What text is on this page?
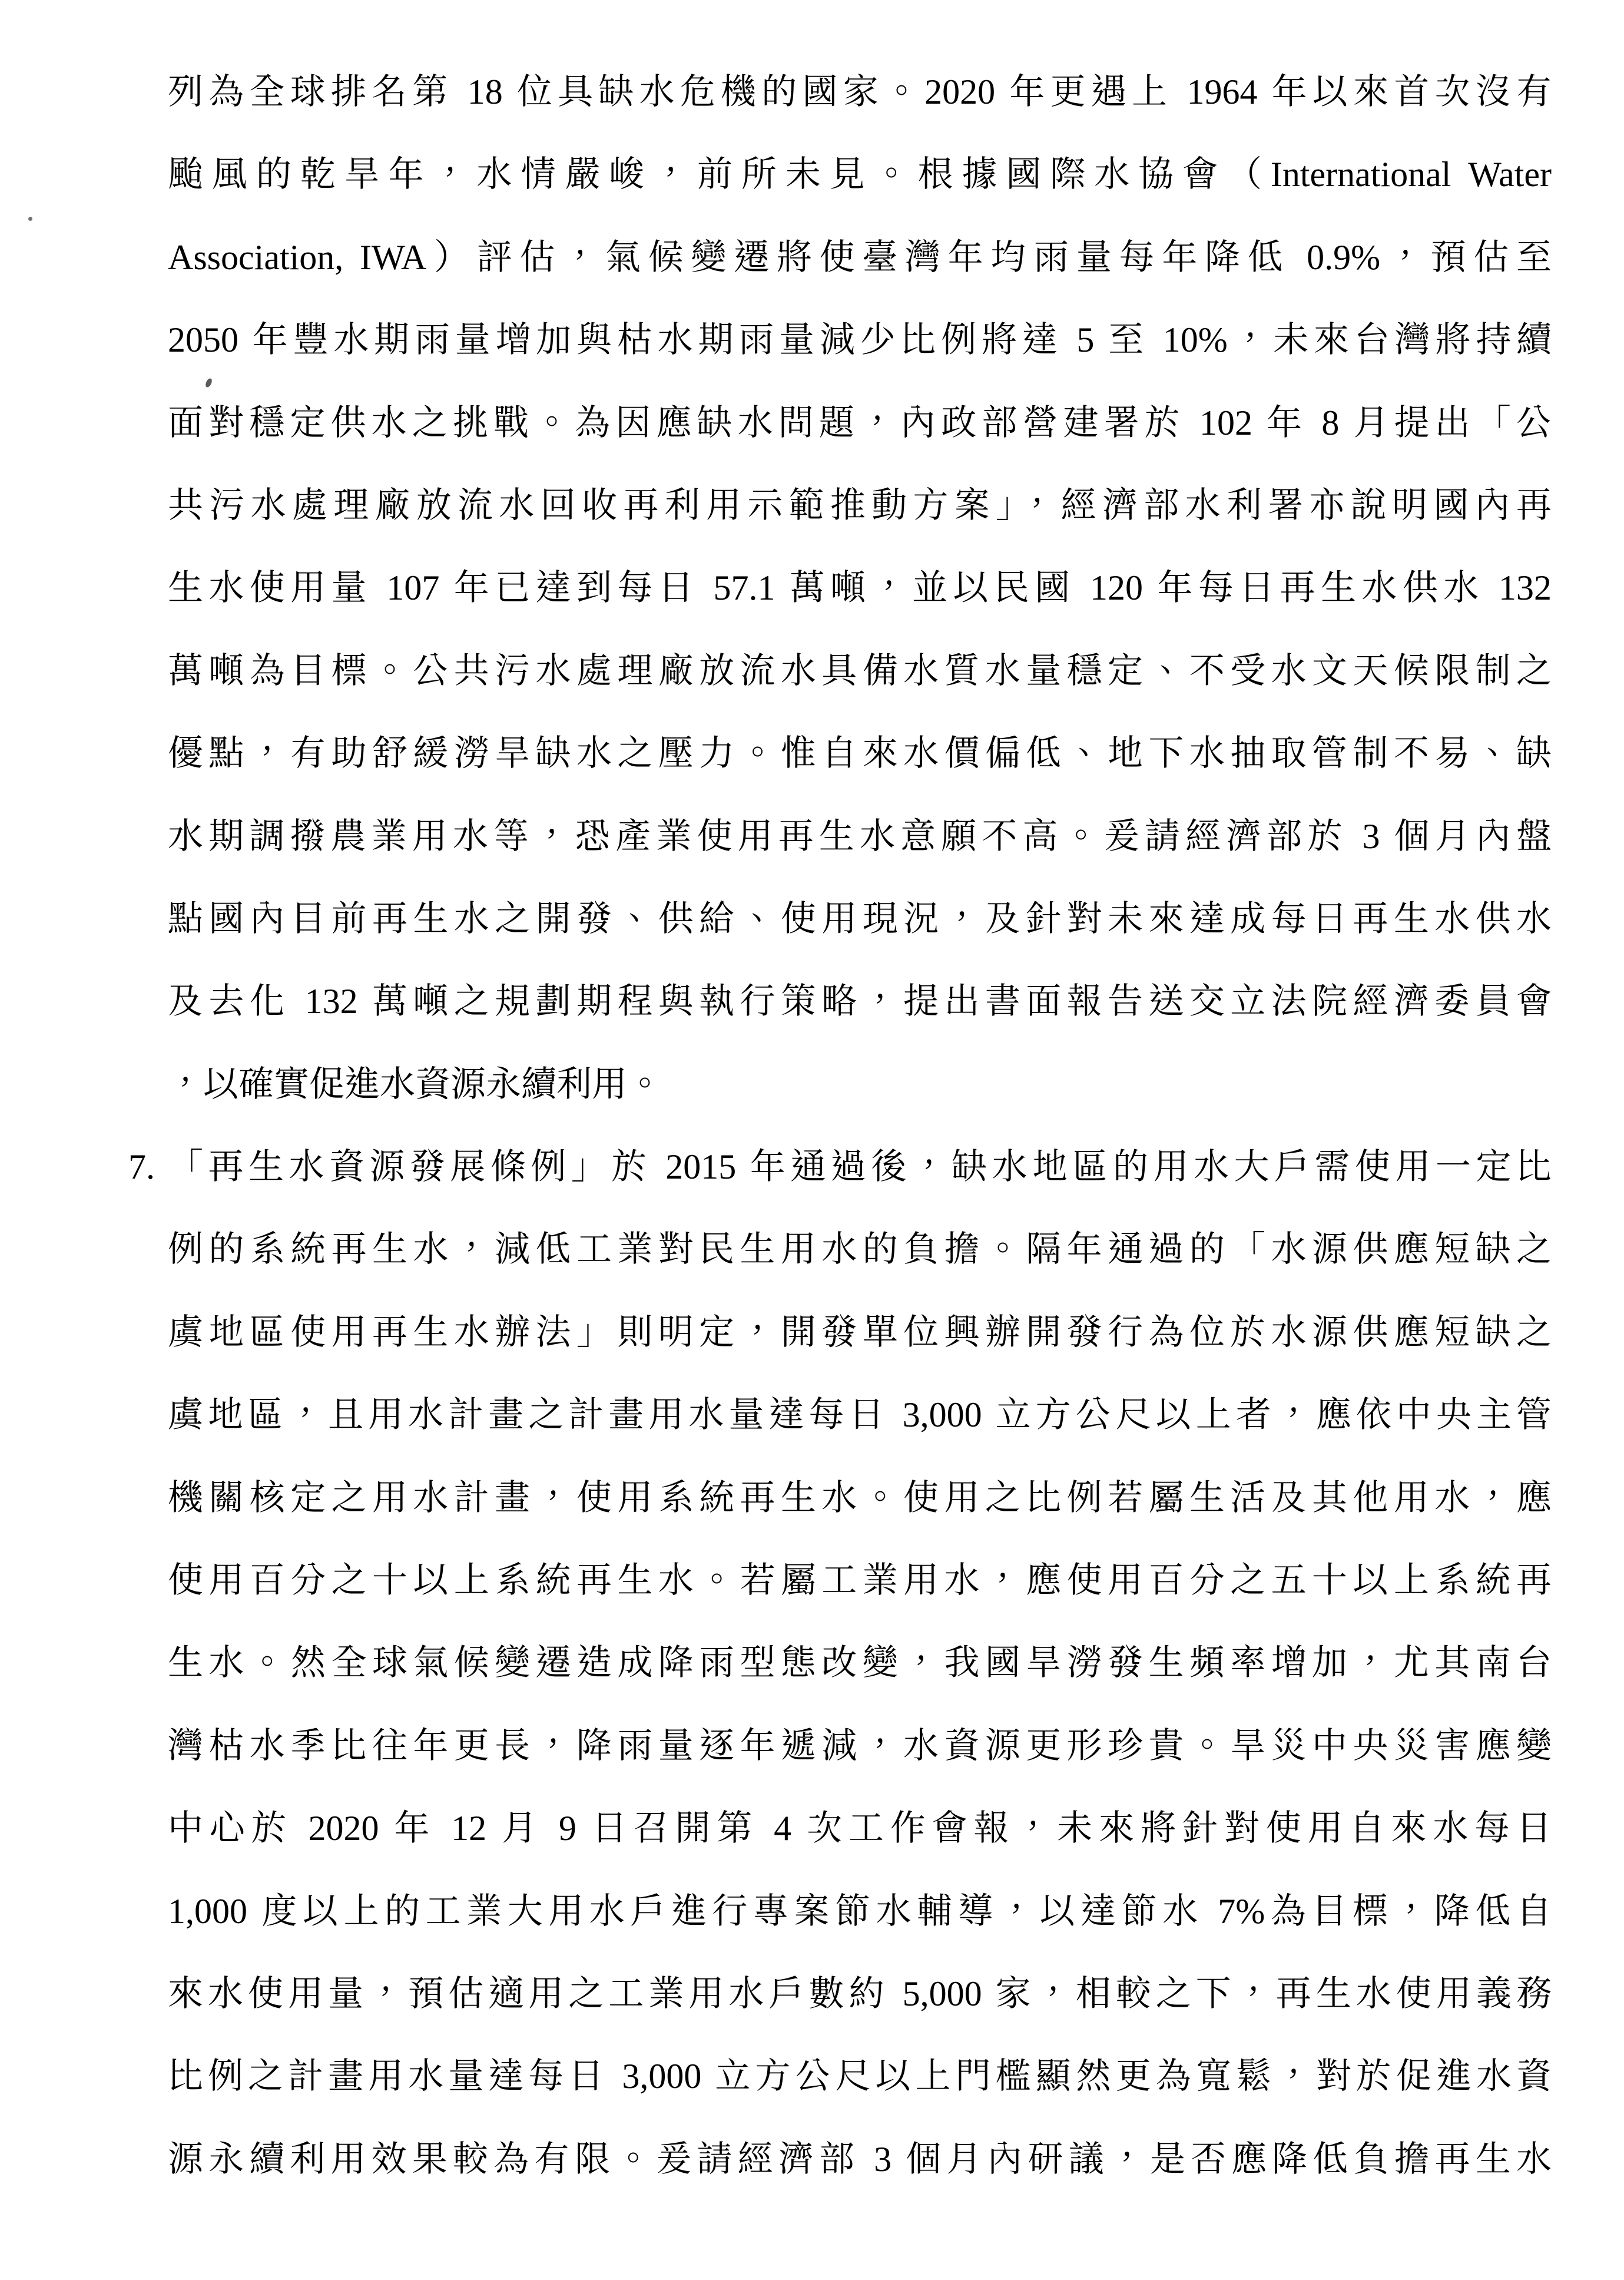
列為全球排名第 18 位具缺水危機的國家。2020 年更遇上 1964 年以來首次沒有
颱風的乾旱年，水情嚴峻，前所未見。根據國際水協會（International Water
Association, IWA）評估，氣候變遷將使臺灣年均雨量每年降低 0.9%，預估至
2050 年豐水期雨量增加與枯水期雨量減少比例將達 5 至 10%，未來台灣將持續
面對穩定供水之挑戰。為因應缺水問題，內政部營建署於 102 年 8 月提出「公
共污水處理廠放流水回收再利用示範推動方案」，經濟部水利署亦說明國內再
生水使用量 107 年已達到每日 57.1 萬噸，並以民國 120 年每日再生水供水 132
萬噸為目標。公共污水處理廠放流水具備水質水量穩定、不受水文天候限制之
優點，有助舒緩澇旱缺水之壓力。惟自來水價偏低、地下水抽取管制不易、缺
水期調撥農業用水等，恐產業使用再生水意願不高。爰請經濟部於 3 個月內盤
點國內目前再生水之開發、供給、使用現況，及針對未來達成每日再生水供水
及去化 132 萬噸之規劃期程與執行策略，提出書面報告送交立法院經濟委員會
，以確實促進水資源永續利用。
7. 「再生水資源發展條例」於 2015 年通過後，缺水地區的用水大戶需使用一定比
例的系統再生水，減低工業對民生用水的負擔。隔年通過的「水源供應短缺之
虞地區使用再生水辦法」則明定，開發單位興辦開發行為位於水源供應短缺之
虞地區，且用水計畫之計畫用水量達每日 3,000 立方公尺以上者，應依中央主管
機關核定之用水計畫，使用系統再生水。使用之比例若屬生活及其他用水，應
使用百分之十以上系統再生水。若屬工業用水，應使用百分之五十以上系統再
生水。然全球氣候變遷造成降雨型態改變，我國旱澇發生頻率增加，尤其南台
灣枯水季比往年更長，降雨量逐年遞減，水資源更形珍貴。旱災中央災害應變
中心於 2020 年 12 月 9 日召開第 4 次工作會報，未來將針對使用自來水每日
1,000 度以上的工業大用水戶進行專案節水輔導，以達節水 7%為目標，降低自
來水使用量，預估適用之工業用水戶數約 5,000 家，相較之下，再生水使用義務
比例之計畫用水量達每日 3,000 立方公尺以上門檻顯然更為寬鬆，對於促進水資
源永續利用效果較為有限。爰請經濟部 3 個月內研議，是否應降低負擔再生水
